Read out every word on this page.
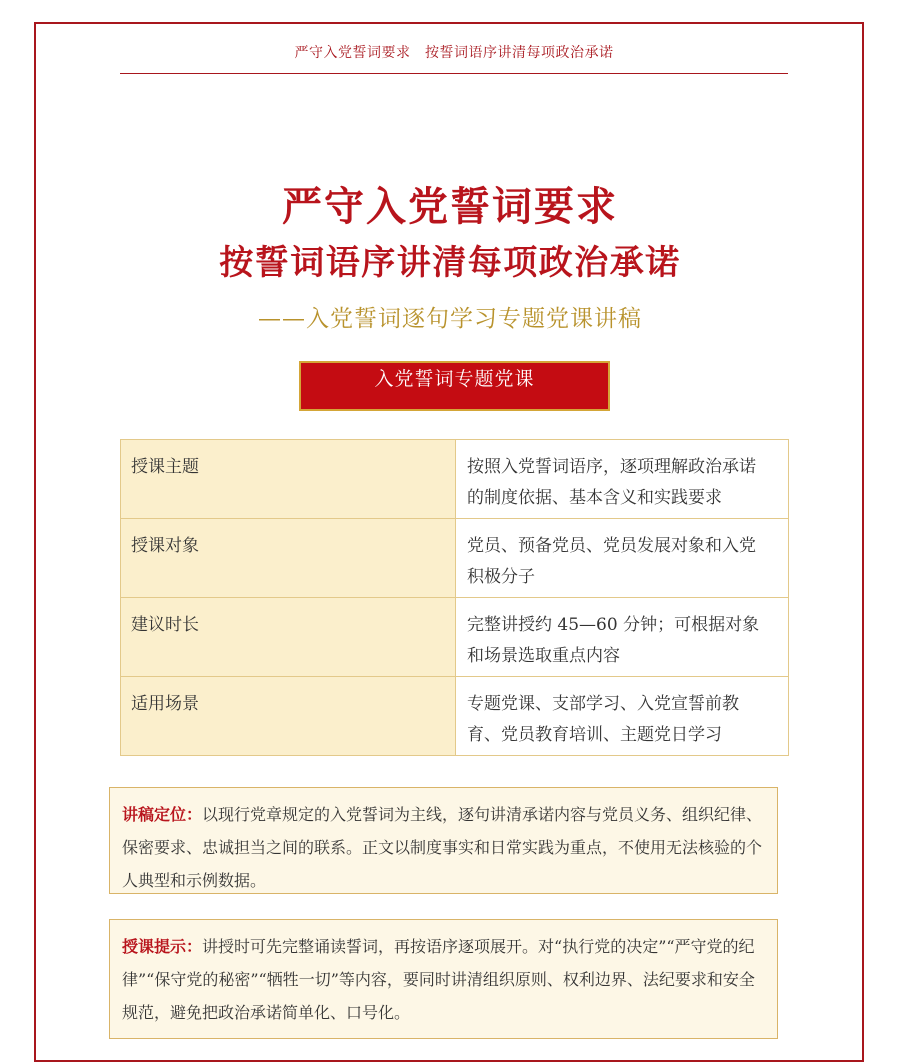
严守入党誓词要求　按誓词语序讲清每项政治承诺
严守入党誓词要求
按誓词语序讲清每项政治承诺
——入党誓词逐句学习专题党课讲稿
入党誓词专题党课
授课主题	按照入党誓词语序，逐项理解政治承诺的制度依据、基本含义和实践要求
授课对象	党员、预备党员、党员发展对象和入党积极分子
建议时长	完整讲授约 45—60 分钟；可根据对象和场景选取重点内容
适用场景	专题党课、支部学习、入党宣誓前教育、党员教育培训、主题党日学习
讲稿定位：以现行党章规定的入党誓词为主线，逐句讲清承诺内容与党员义务、组织纪律、保密要求、忠诚担当之间的联系。正文以制度事实和日常实践为重点，不使用无法核验的个人典型和示例数据。
授课提示：讲授时可先完整诵读誓词，再按语序逐项展开。对“执行党的决定”“严守党的纪律”“保守党的秘密”“牺牲一切”等内容，要同时讲清组织原则、权利边界、法纪要求和安全规范，避免把政治承诺简单化、口号化。
